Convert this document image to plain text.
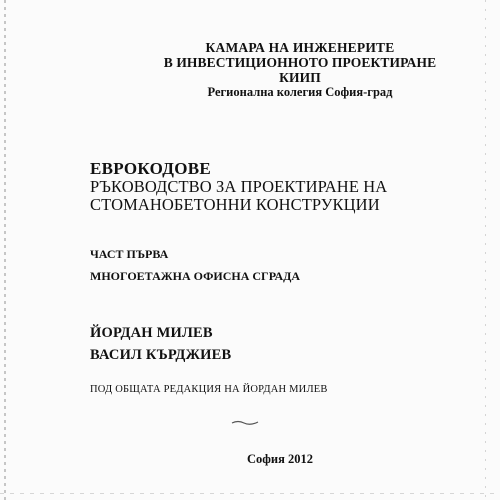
КАМАРА НА ИНЖЕНЕРИТЕ
В ИНВЕСТИЦИОННОТО ПРОЕКТИРАНЕ КИИП
Регионална колегия София-град
ЕВРОКОДОВЕ
РЪКОВОДСТВО ЗА ПРОЕКТИРАНЕ НА
СТОМАНОБЕТОННИ КОНСТРУКЦИИ
ЧАСТ ПЪРВА
МНОГОЕТАЖНА ОФИСНА СГРАДА
ЙОРДАН МИЛЕВ
ВАСИЛ КЪРДЖИЕВ
ПОД ОБЩАТА РЕДАКЦИЯ НА ЙОРДАН МИЛЕВ
София 2012
